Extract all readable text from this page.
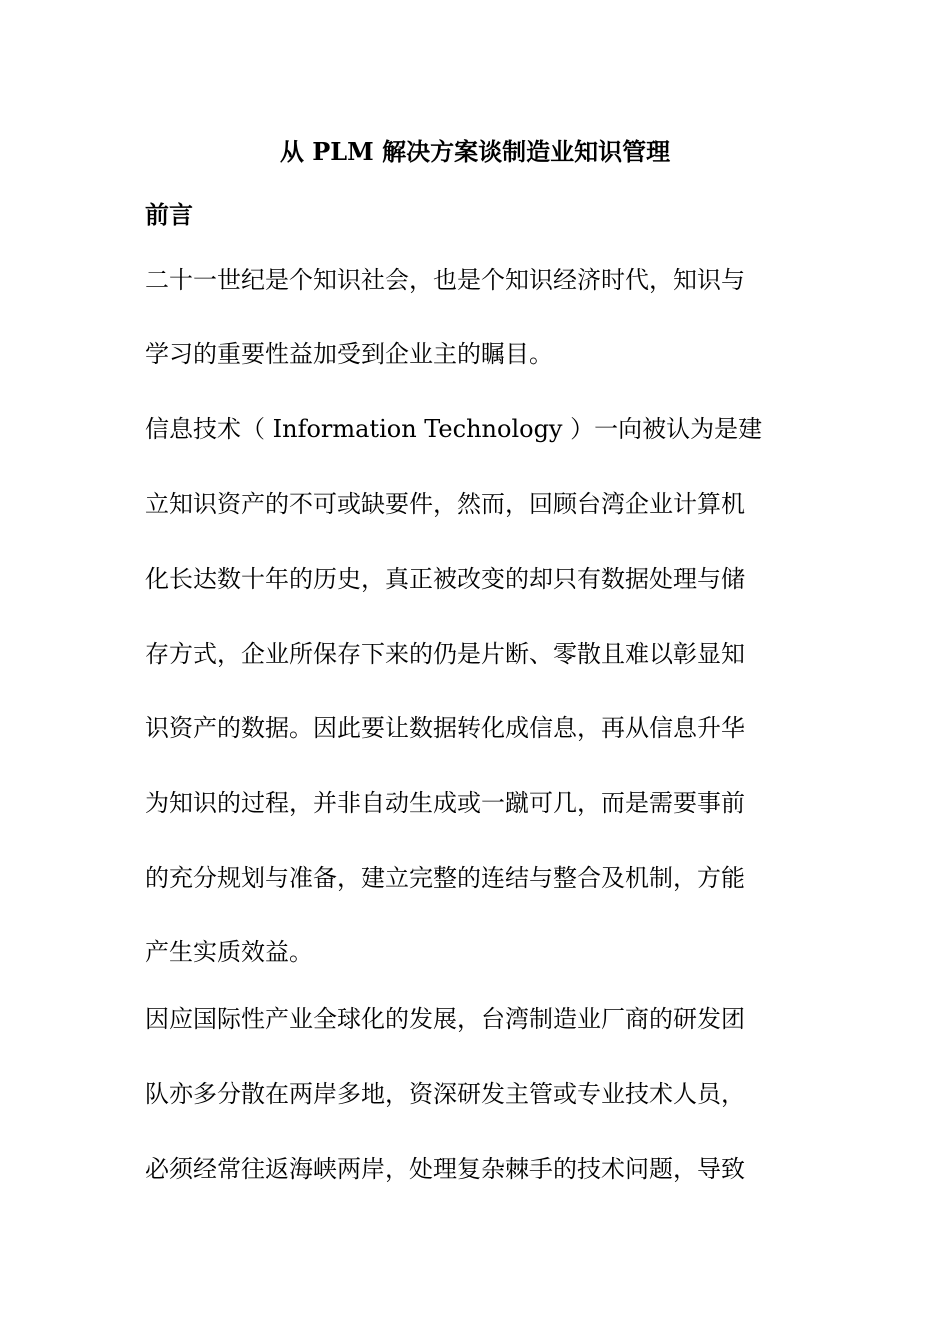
从 PLM 解决方案谈制造业知识管理
前言
二十一世纪是个知识社会，也是个知识经济时代，知识与
学习的重要性益加受到企业主的瞩目。
信息技术（ Information Technology ）一向被认为是建
立知识资产的不可或缺要件，然而，回顾台湾企业计算机
化长达数十年的历史，真正被改变的却只有数据处理与储
存方式，企业所保存下来的仍是片断、零散且难以彰显知
识资产的数据。因此要让数据转化成信息，再从信息升华
为知识的过程，并非自动生成或一蹴可几，而是需要事前
的充分规划与准备，建立完整的连结与整合及机制，方能
产生实质效益。
因应国际性产业全球化的发展，台湾制造业厂商的研发团
队亦多分散在两岸多地，资深研发主管或专业技术人员，
必须经常往返海峡两岸，处理复杂棘手的技术问题，导致
